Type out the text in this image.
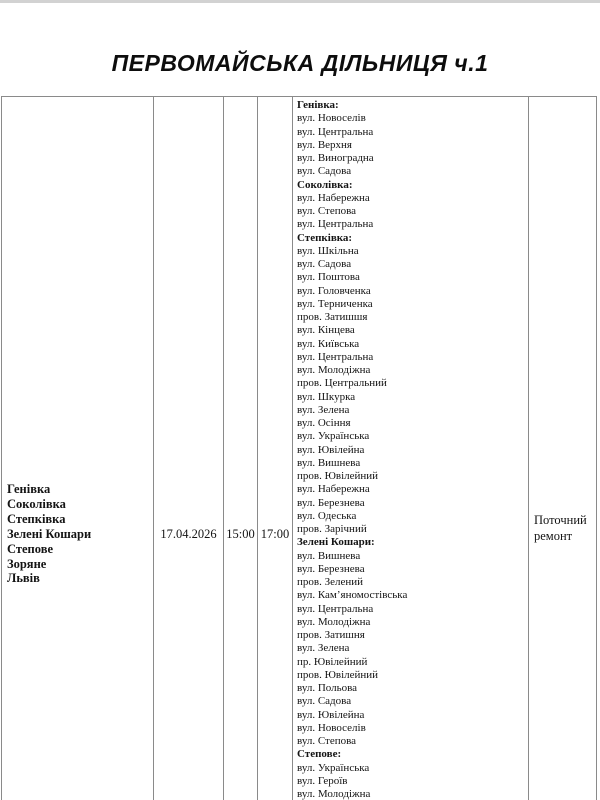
ПЕРВОМАЙСЬКА ДІЛЬНИЦЯ ч.1
Генівка
Соколівка
Степківка
Зелені Кошари
Степове
Зоряне
Львів
17.04.2026 15:00 17:00
Генівка:
вул. Новоселів
вул. Центральна
вул. Верхня
вул. Виноградна
вул. Садова
Соколівка:
вул. Набережна
вул. Степова
вул. Центральна
Степківка:
вул. Шкільна
вул. Садова
вул. Поштова
вул. Головченка
вул. Терниченка
пров. Затишшя
вул. Кінцева
вул. Київська
вул. Центральна
вул. Молодіжна
пров. Центральний
вул. Шкурка
вул. Зелена
вул. Осіння
вул. Українська
вул. Ювілейна
вул. Вишнева
пров. Ювілейний
вул. Набережна
вул. Березнева
вул. Одеська
пров. Зарічний
Зелені Кошари:
вул. Вишнева
вул. Березнева
пров. Зелений
вул. Кам’яномостівська
вул. Центральна
вул. Молодіжна
пров. Затишня
вул. Зелена
пр. Ювілейний
пров. Ювілейний
вул. Польова
вул. Садова
вул. Ювілейна
вул. Новоселів
вул. Степова
Степове:
вул. Українська
вул. Героїв
вул. Молодіжна
Поточний ремонт
